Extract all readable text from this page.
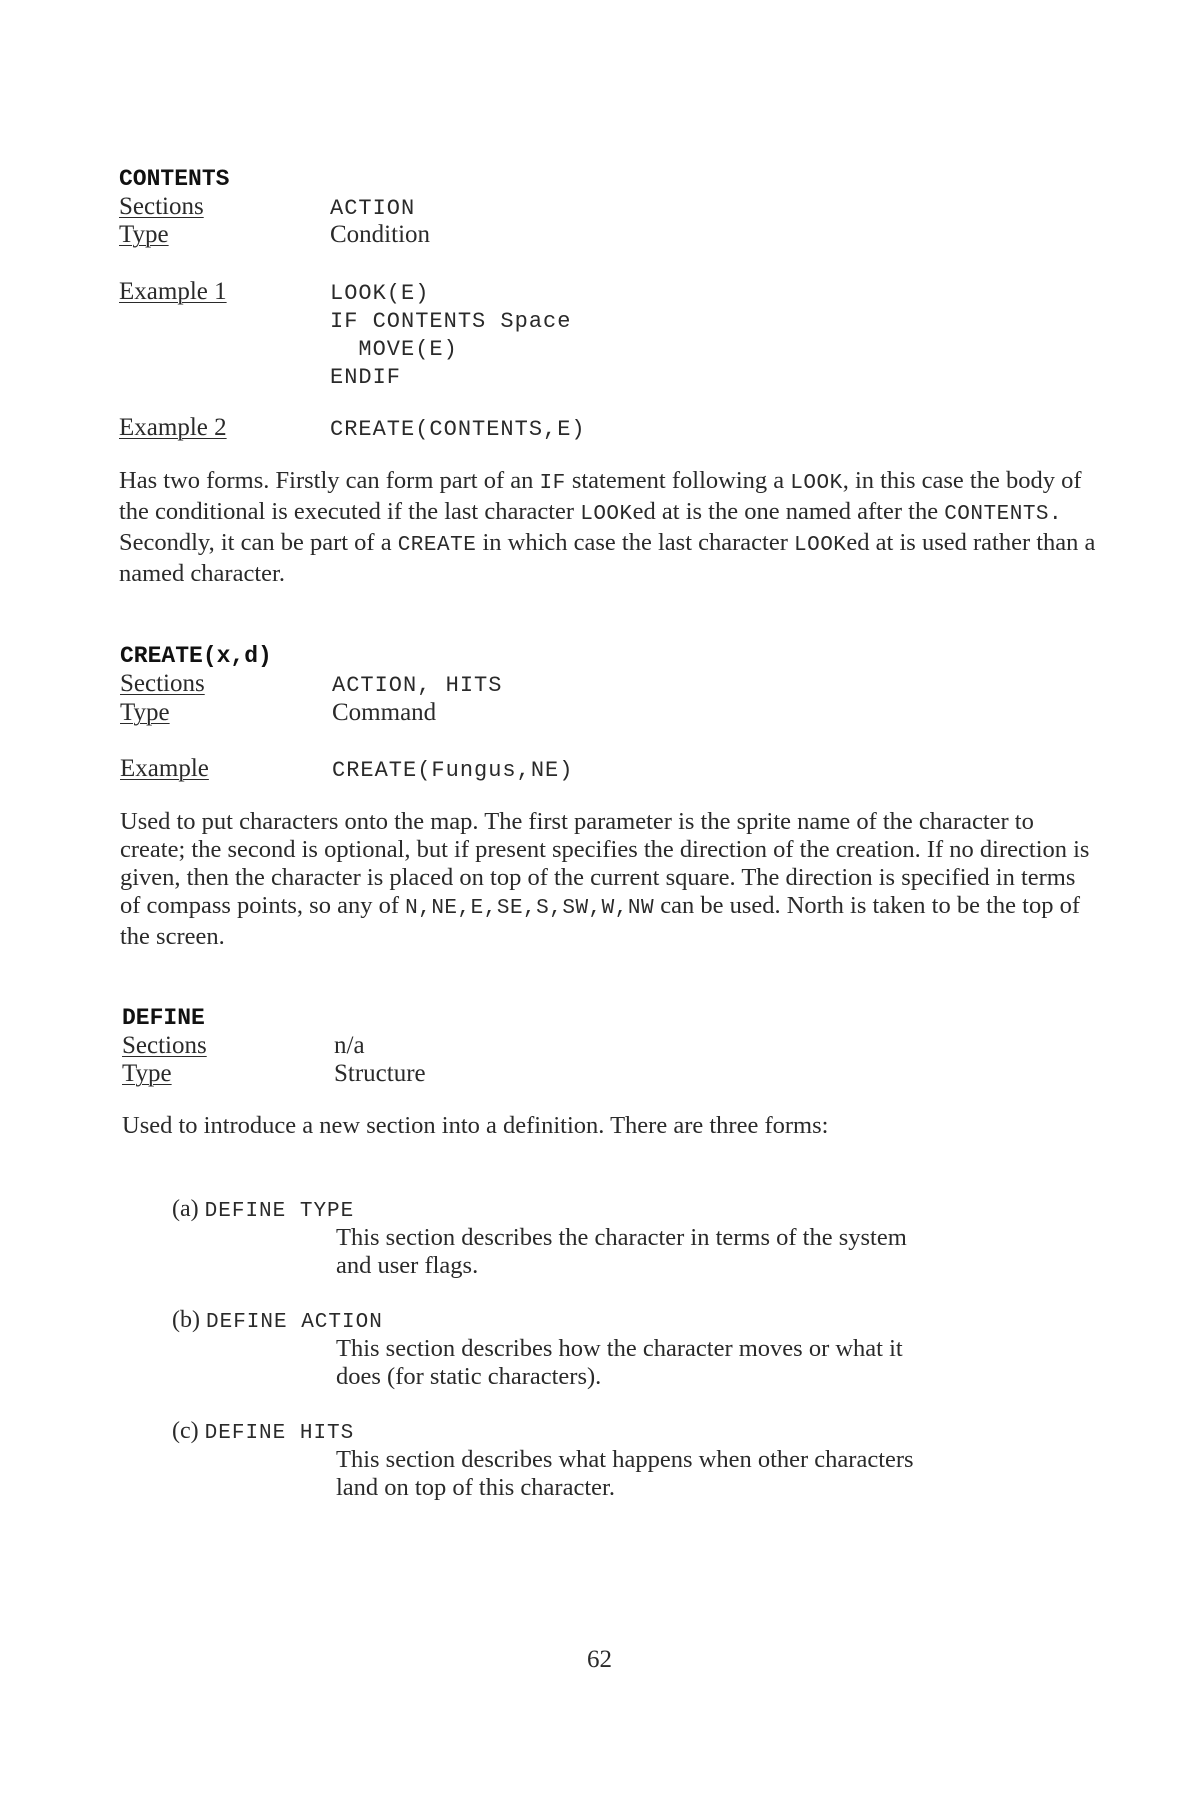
CONTENTS
Sections	ACTION
Type	Condition
Example 1	LOOK(E)
IF CONTENTS Space
MOVE(E)
ENDIF
Example 2	CREATE(CONTENTS,E)

Has two forms. Firstly can form part of an IF statement following a LOOK, in this case the body of the conditional is executed if the last character LOOKed at is the one named after the CONTENTS. Secondly, it can be part of a CREATE in which case the last character LOOKed at is used rather than a named character.

CREATE(x,d)
Sections	ACTION, HITS
Type	Command
Example	CREATE(Fungus,NE)

Used to put characters onto the map. The first parameter is the sprite name of the character to create; the second is optional, but if present specifies the direction of the creation. If no direction is given, then the character is placed on top of the current square. The direction is specified in terms of compass points, so any of N,NE,E,SE,S,SW,W,NW can be used. North is taken to be the top of the screen.

DEFINE
Sections	n/a
Type	Structure

Used to introduce a new section into a definition. There are three forms:

(a) DEFINE TYPE

This section describes the character in terms of the system and user flags.

(b) DEFINE ACTION

This section describes how the character moves or what it does (for static characters).

(c) DEFINE HITS

This section describes what happens when other characters land on top of this character.

62
